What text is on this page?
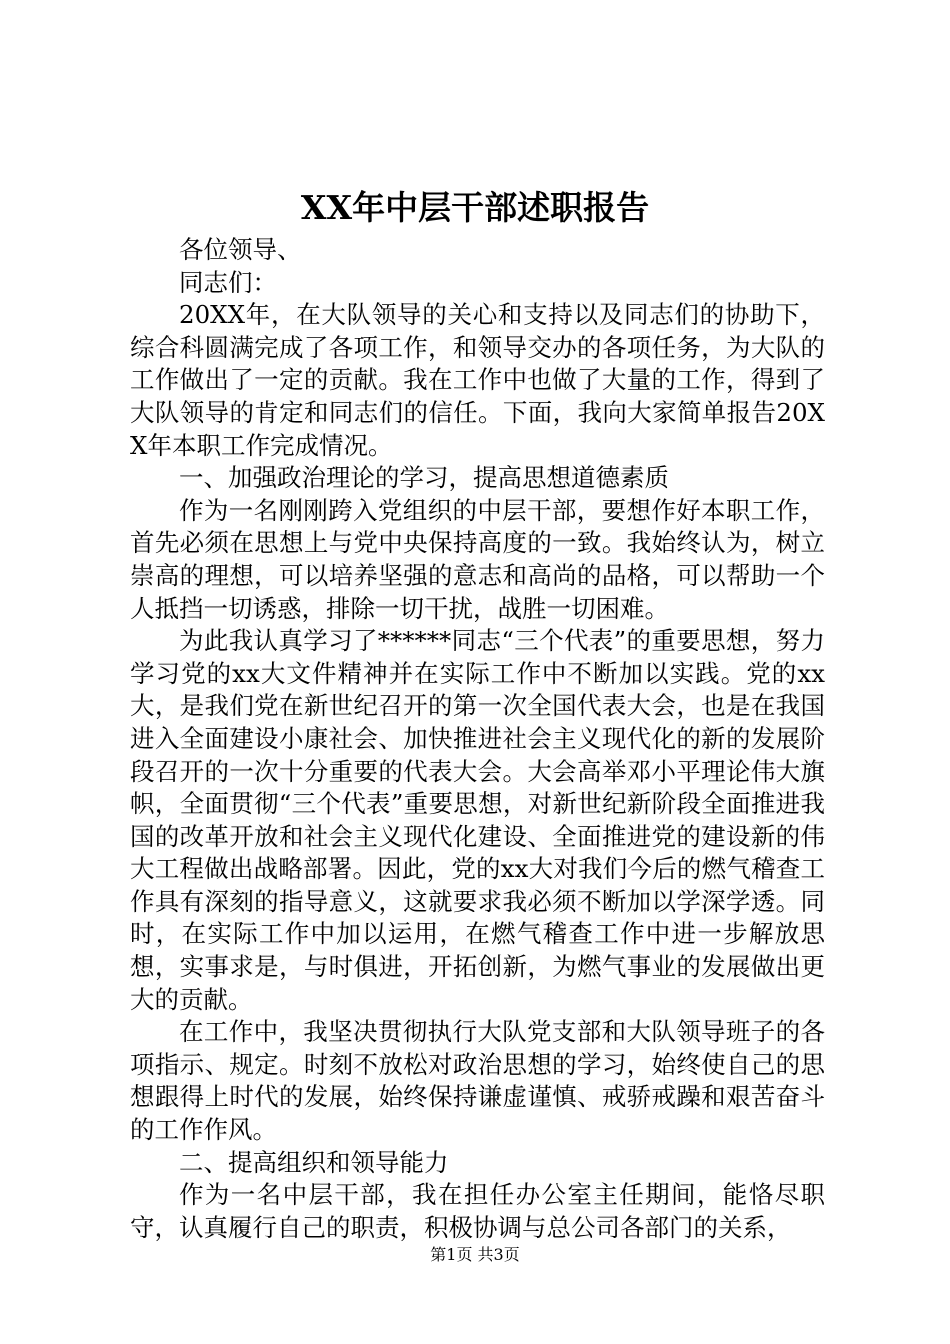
XX年中层干部述职报告

各位领导、

同志们：

20XX年，在大队领导的关心和支持以及同志们的协助下，综合科圆满完成了各项工作，和领导交办的各项任务，为大队的工作做出了一定的贡献。我在工作中也做了大量的工作，得到了大队领导的肯定和同志们的信任。下面，我向大家简单报告20XX年本职工作完成情况。

一、加强政治理论的学习，提高思想道德素质

作为一名刚刚跨入党组织的中层干部，要想作好本职工作，首先必须在思想上与党中央保持高度的一致。我始终认为，树立崇高的理想，可以培养坚强的意志和高尚的品格，可以帮助一个人抵挡一切诱惑，排除一切干扰，战胜一切困难。

为此我认真学习了******同志“三个代表”的重要思想，努力学习党的xx大文件精神并在实际工作中不断加以实践。党的xx大，是我们党在新世纪召开的第一次全国代表大会，也是在我国进入全面建设小康社会、加快推进社会主义现代化的新的发展阶段召开的一次十分重要的代表大会。大会高举邓小平理论伟大旗帜，全面贯彻“三个代表”重要思想，对新世纪新阶段全面推进我国的改革开放和社会主义现代化建设、全面推进党的建设新的伟大工程做出战略部署。因此，党的xx大对我们今后的燃气稽查工作具有深刻的指导意义，这就要求我必须不断加以学深学透。同时，在实际工作中加以运用，在燃气稽查工作中进一步解放思想，实事求是，与时俱进，开拓创新，为燃气事业的发展做出更大的贡献。

在工作中，我坚决贯彻执行大队党支部和大队领导班子的各项指示、规定。时刻不放松对政治思想的学习，始终使自己的思想跟得上时代的发展，始终保持谦虚谨慎、戒骄戒躁和艰苦奋斗的工作作风。

二、提高组织和领导能力

作为一名中层干部，我在担任办公室主任期间，能恪尽职守，认真履行自己的职责，积极协调与总公司各部门的关系，

第1页 共3页
